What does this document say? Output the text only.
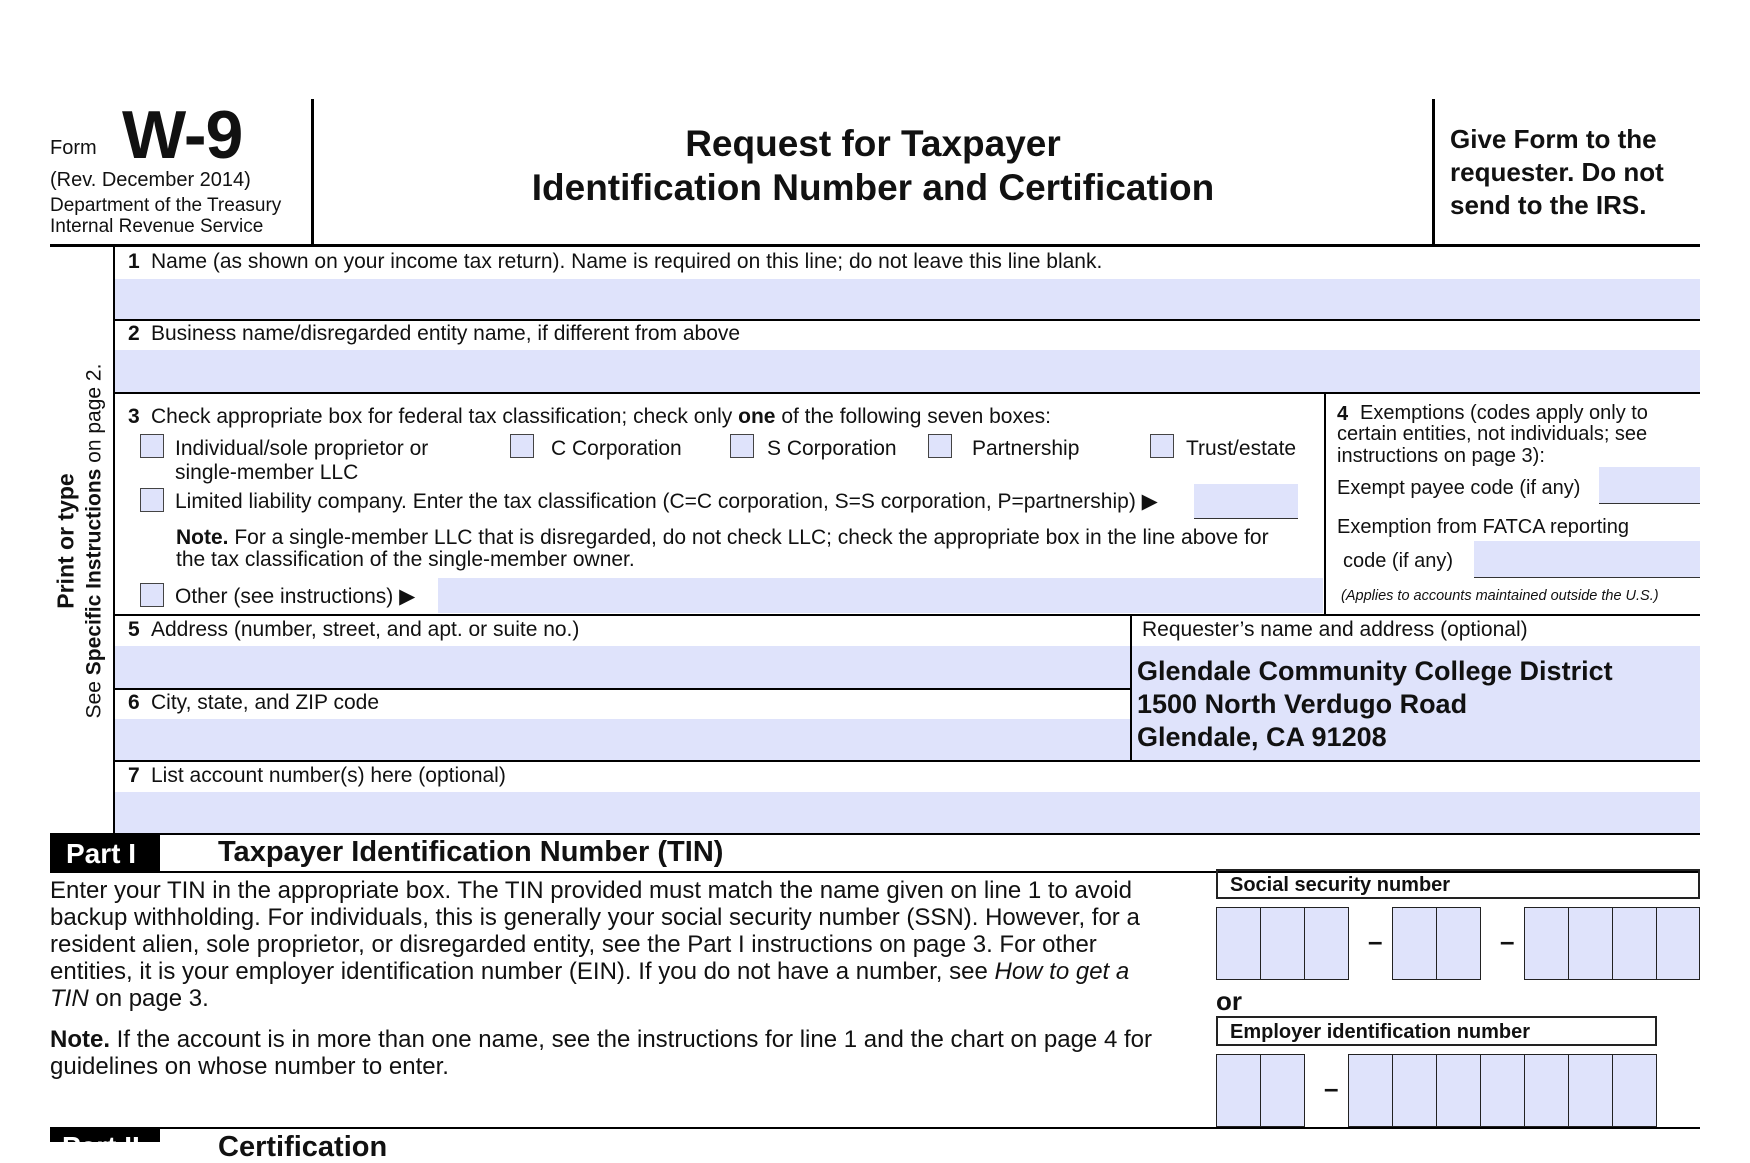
Form W-9
(Rev. December 2014)
Department of the Treasury
Internal Revenue Service
Request for Taxpayer
Identification Number and Certification
Give Form to the
requester. Do not
send to the IRS.
Print or type
See Specific Instructions on page 2.
1 Name (as shown on your income tax return). Name is required on this line; do not leave this line blank.
2 Business name/disregarded entity name, if different from above
3 Check appropriate box for federal tax classification; check only one of the following seven boxes:
Individual/sole proprietor or
single-member LLC
C Corporation	S Corporation	Partnership	Trust/estate
Limited liability company. Enter the tax classification (C=C corporation, S=S corporation, P=partnership) ▶
Note. For a single-member LLC that is disregarded, do not check LLC; check the appropriate box in the line above for
the tax classification of the single-member owner.
Other (see instructions) ▶
4 Exemptions (codes apply only to
certain entities, not individuals; see
instructions on page 3):
Exempt payee code (if any)
Exemption from FATCA reporting
code (if any)
(Applies to accounts maintained outside the U.S.)
5 Address (number, street, and apt. or suite no.)	Requester’s name and address (optional)
Glendale Community College District
1500 North Verdugo Road
Glendale, CA 91208
6 City, state, and ZIP code
7 List account number(s) here (optional)
Part I	Taxpayer Identification Number (TIN)
Enter your TIN in the appropriate box. The TIN provided must match the name given on line 1 to avoid
backup withholding. For individuals, this is generally your social security number (SSN). However, for a
resident alien, sole proprietor, or disregarded entity, see the Part I instructions on page 3. For other
entities, it is your employer identification number (EIN). If you do not have a number, see How to get a
TIN on page 3.
Note. If the account is in more than one name, see the instructions for line 1 and the chart on page 4 for
guidelines on whose number to enter.
Social security number
–	–
or
Employer identification number
–
Part II	Certification
